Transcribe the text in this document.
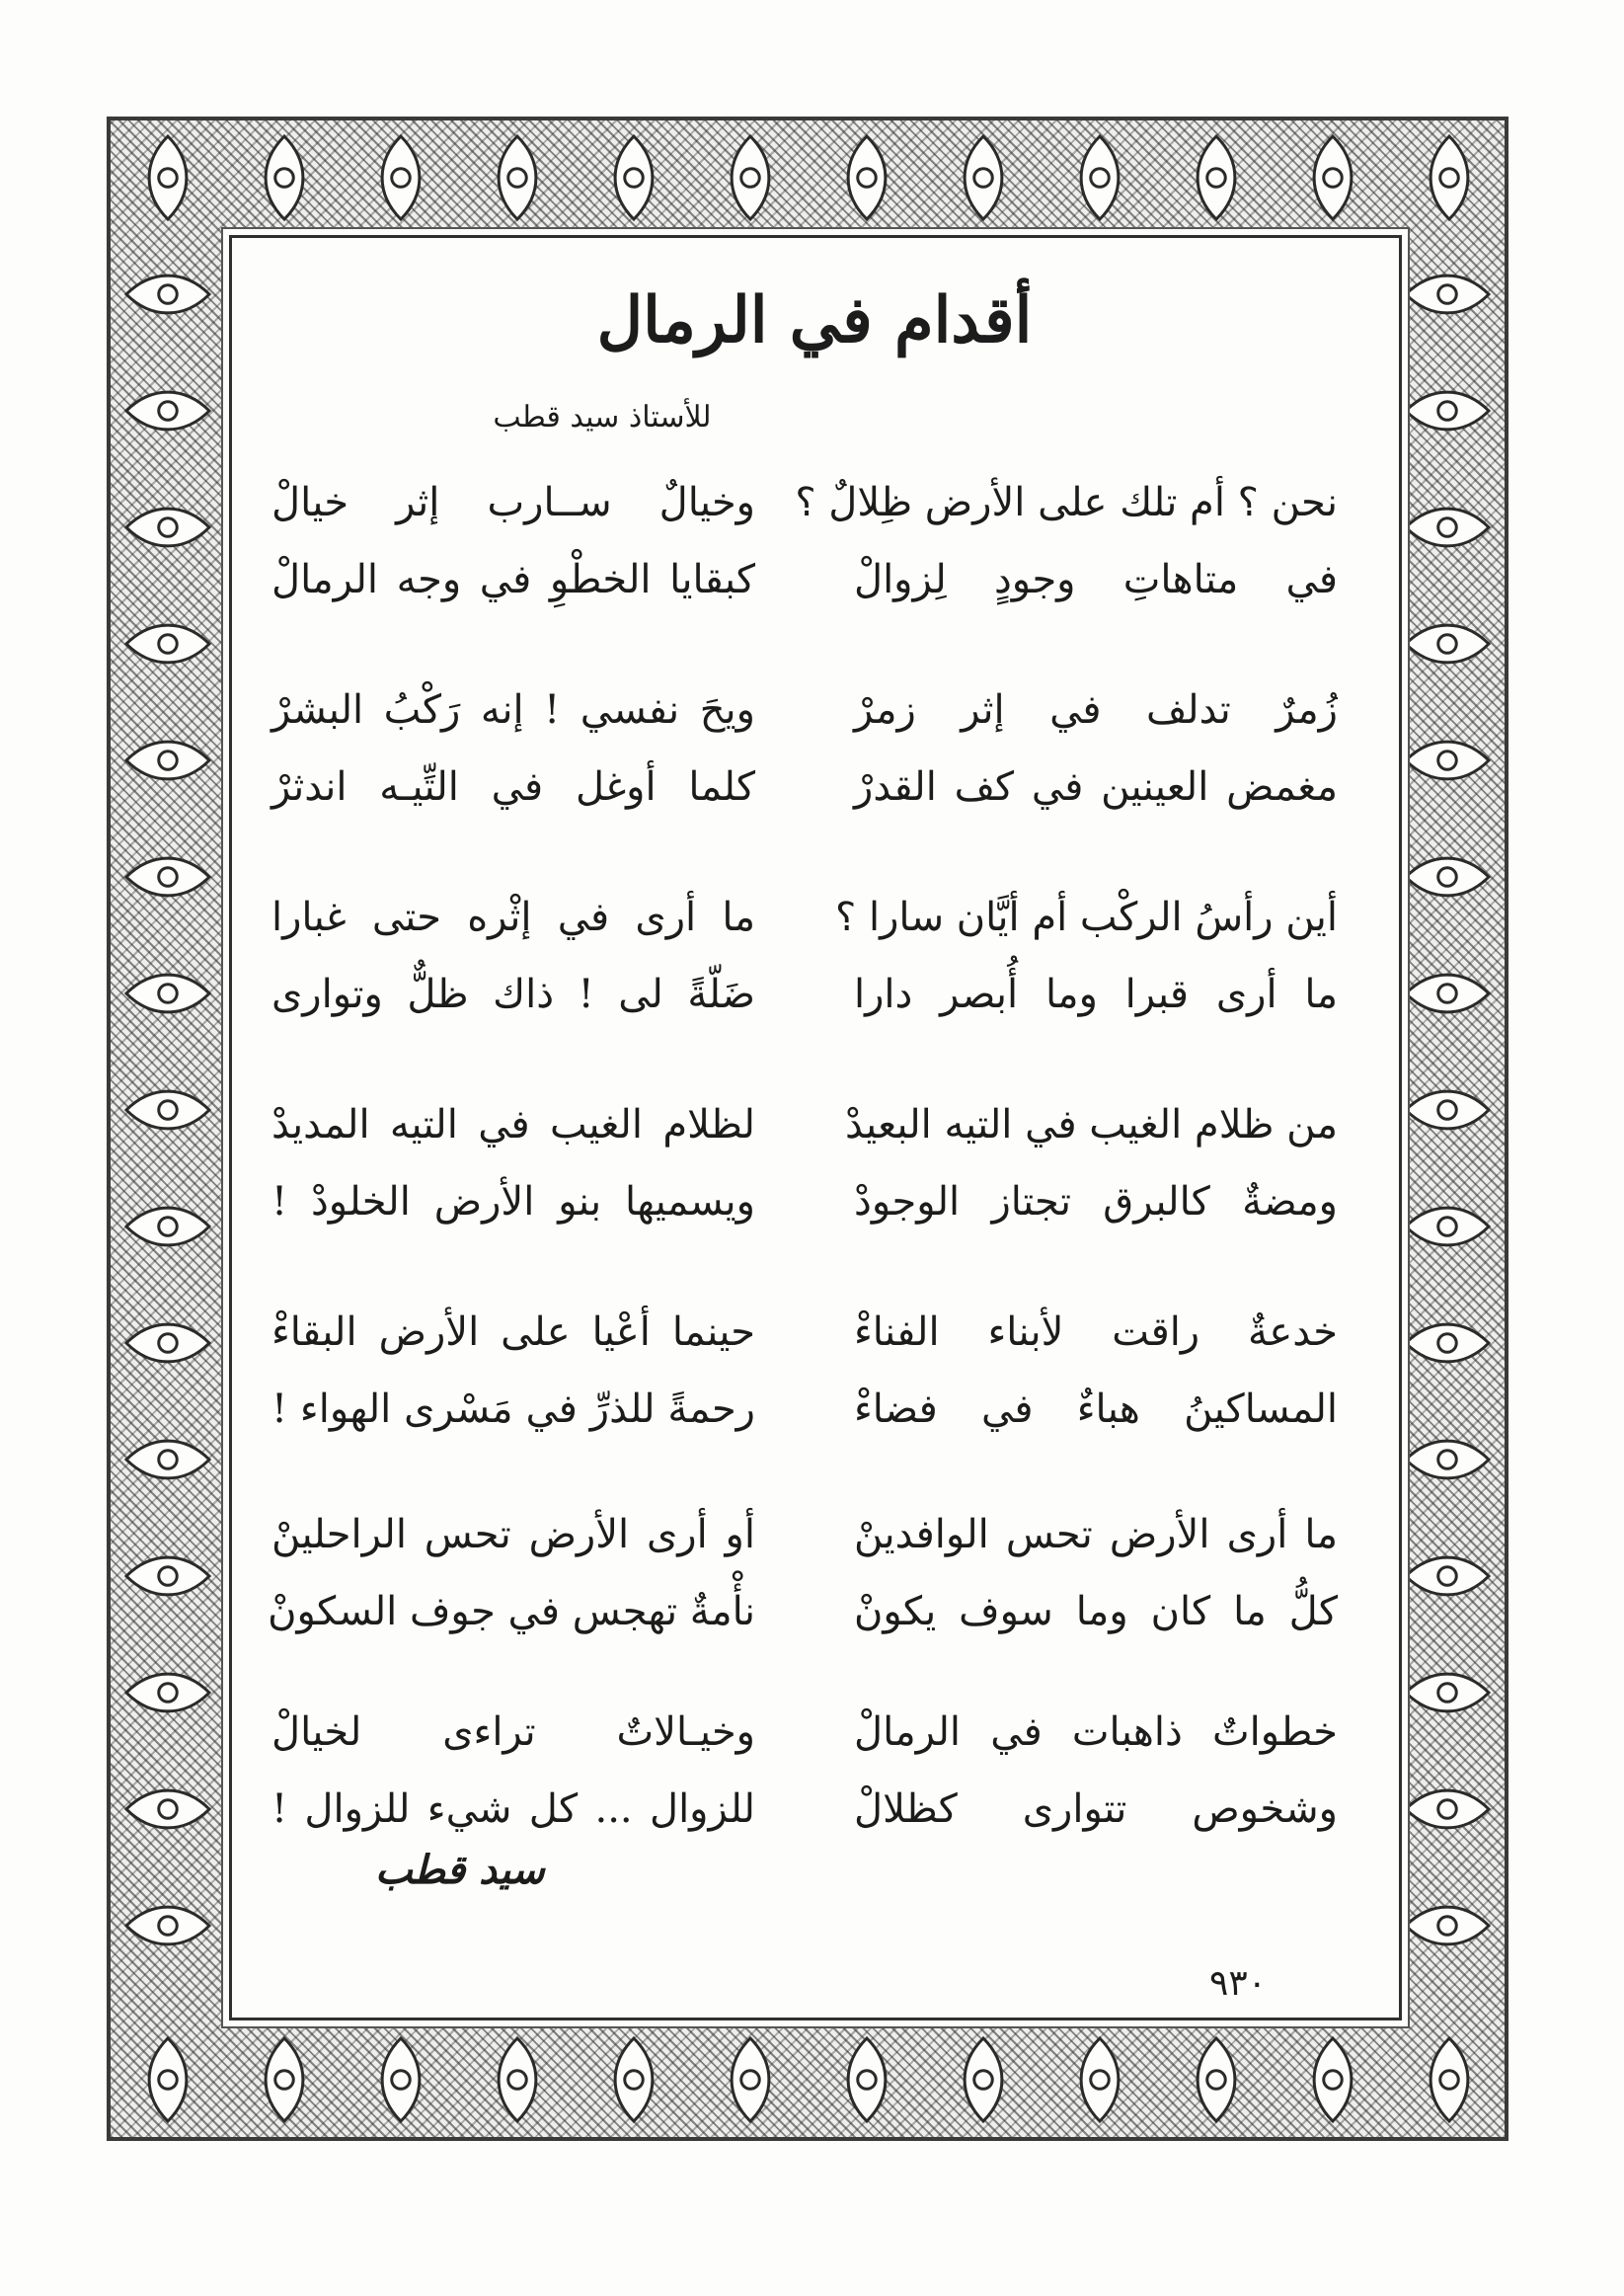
أقدام في الرمال
للأستاذ سيد قطب
نحن ؟ أم تلك على الأرض ظِلالٌ ؟
وخيالٌ ســارب إثر خيالْ
في متاهاتِ وجودٍ لِزوالْ
كبقايا الخطْوِ في وجه الرمالْ
زُمرٌ تدلف في إثر زمرْ
ويحَ نفسي ! إنه رَكْبُ البشرْ
مغمض العينين في كف القدرْ
كلما أوغل في التِّيـه اندثرْ
أين رأسُ الركْب أم أيَّان سارا ؟
ما أرى في إثْره حتى غبارا
ما أرى قبرا وما أُبصر دارا
ضَلّةً لى ! ذاك ظلٌّ وتوارى
من ظلام الغيب في التيه البعيدْ
لظلام الغيب في التيه المديدْ
ومضةٌ كالبرق تجتاز الوجودْ
ويسميها بنو الأرض الخلودْ !
خدعةٌ راقت لأبناء الفناءْ
حينما أعْيا على الأرض البقاءْ
المساكينُ هباءٌ في فضاءْ
رحمةً للذرِّ في مَسْرى الهواء !
ما أرى الأرض تحس الوافدينْ
أو أرى الأرض تحس الراحلينْ
كلُّ ما كان وما سوف يكونْ
نأْمةٌ تهجس في جوف السكونْ
خطواتٌ ذاهبات في الرمالْ
وخيـالاتٌ تراءى لخيالْ
وشخوص تتوارى كظلالْ
للزوال ... كل شيء للزوال !
سيد قطب
٩٣٠
